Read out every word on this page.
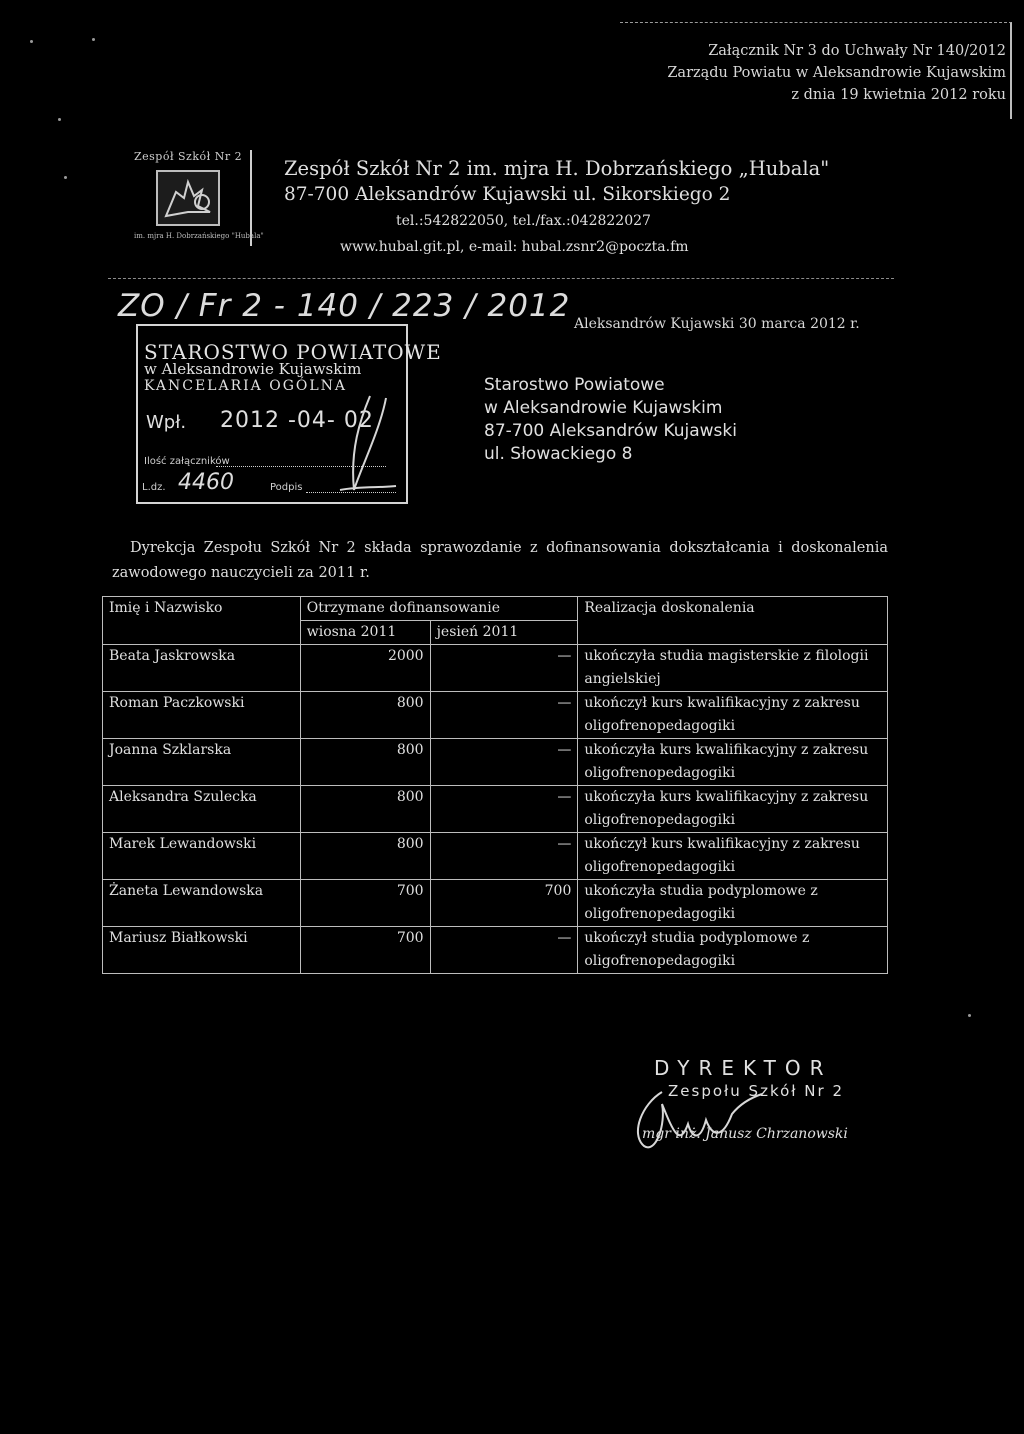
Załącznik Nr 3 do Uchwały Nr 140/2012
Zarządu Powiatu w Aleksandrowie Kujawskim
z dnia 19 kwietnia 2012 roku
Zespół Szkół Nr 2
im. mjra H. Dobrzańskiego "Hubala"
Zespół Szkół Nr 2 im. mjra H. Dobrzańskiego „Hubala"
87-700 Aleksandrów Kujawski ul. Sikorskiego 2
tel.:542822050, tel./fax.:042822027
www.hubal.git.pl, e-mail: hubal.zsnr2@poczta.fm
ZO / Fr 2 - 140 / 223 / 2012 Aleksandrów Kujawski 30 marca 2012 r.
STAROSTWO POWIATOWE
w Aleksandrowie Kujawskim
KANCELARIA OGÓLNA
Wpł. 2012 -04- 02
Ilość załączników
L.dz. 4460	Podpis
Starostwo Powiatowe
w Aleksandrowie Kujawskim
87-700 Aleksandrów Kujawski
ul. Słowackiego 8
Dyrekcja Zespołu Szkół Nr 2 składa sprawozdanie z dofinansowania dokształcania i doskonalenia zawodowego nauczycieli za 2011 r.
Imię i Nazwisko	Otrzymane dofinansowanie		Realizacja doskonalenia
	wiosna 2011	jesień 2011	
Beata Jaskrowska	2000	—	ukończyła studia magisterskie z filologii angielskiej
Roman Paczkowski	800	—	ukończył kurs kwalifikacyjny z zakresu oligofrenopedagogiki
Joanna Szklarska	800	—	ukończyła kurs kwalifikacyjny z zakresu oligofrenopedagogiki
Aleksandra Szulecka	800	—	ukończyła kurs kwalifikacyjny z zakresu oligofrenopedagogiki
Marek Lewandowski	800	—	ukończył kurs kwalifikacyjny z zakresu oligofrenopedagogiki
Żaneta Lewandowska	700	700	ukończyła studia podyplomowe z oligofrenopedagogiki
Mariusz Białkowski	700	—	ukończył studia podyplomowe z oligofrenopedagogiki
DYREKTOR
Zespołu Szkół Nr 2
mgr inż. Janusz Chrzanowski
